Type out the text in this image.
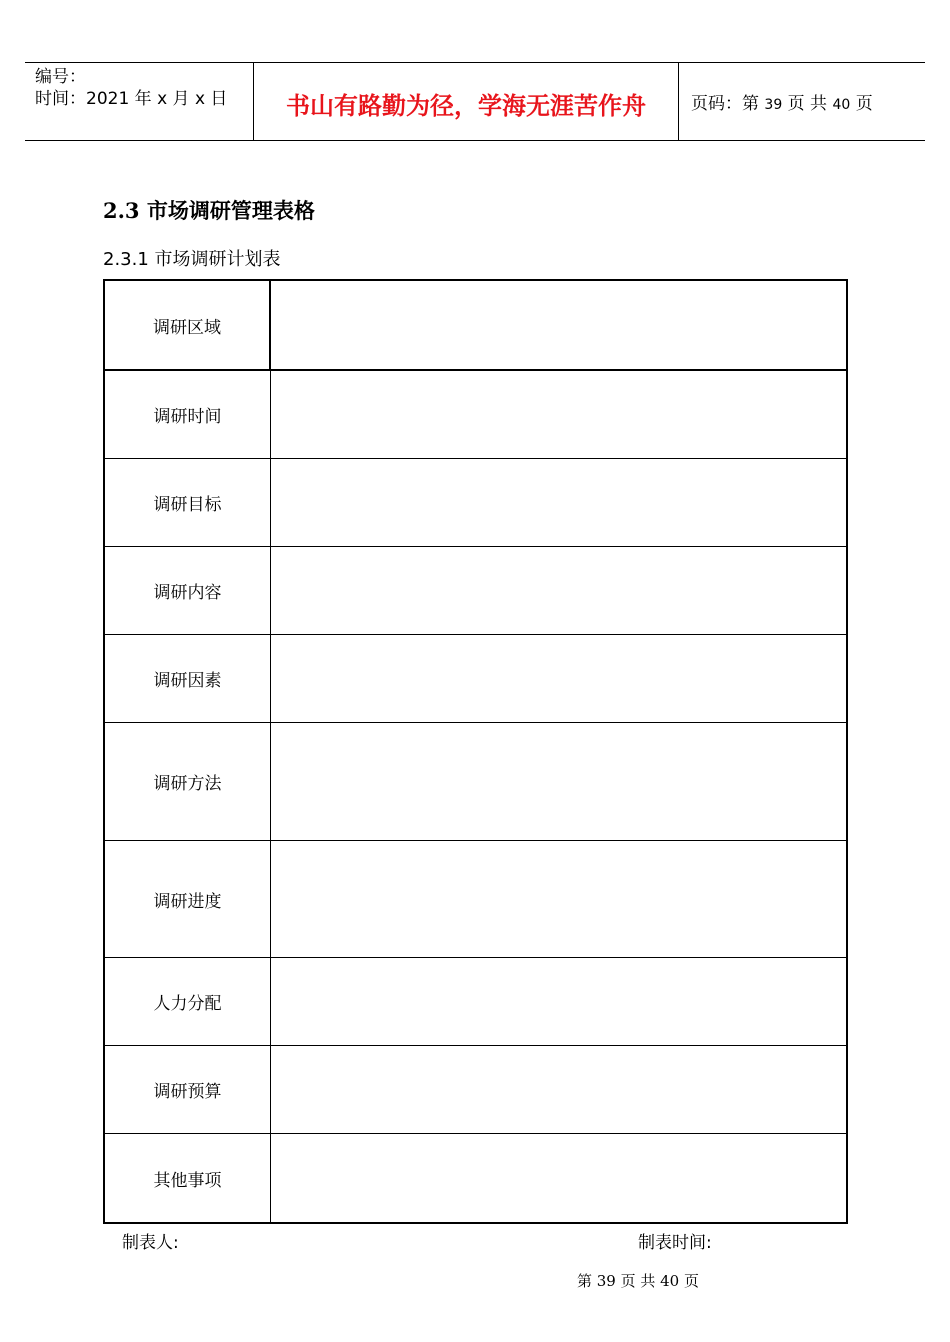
编号：
时间：2021 年 x 月 x 日	书山有路勤为径，学海无涯苦作舟	页码：第 39 页 共 40 页
2.3 市场调研管理表格
2.3.1 市场调研计划表
调研区域
调研时间
调研目标
调研内容
调研因素
调研方法
调研进度
人力分配
调研预算
其他事项
制表人:	制表时间:
第 39 页 共 40 页
